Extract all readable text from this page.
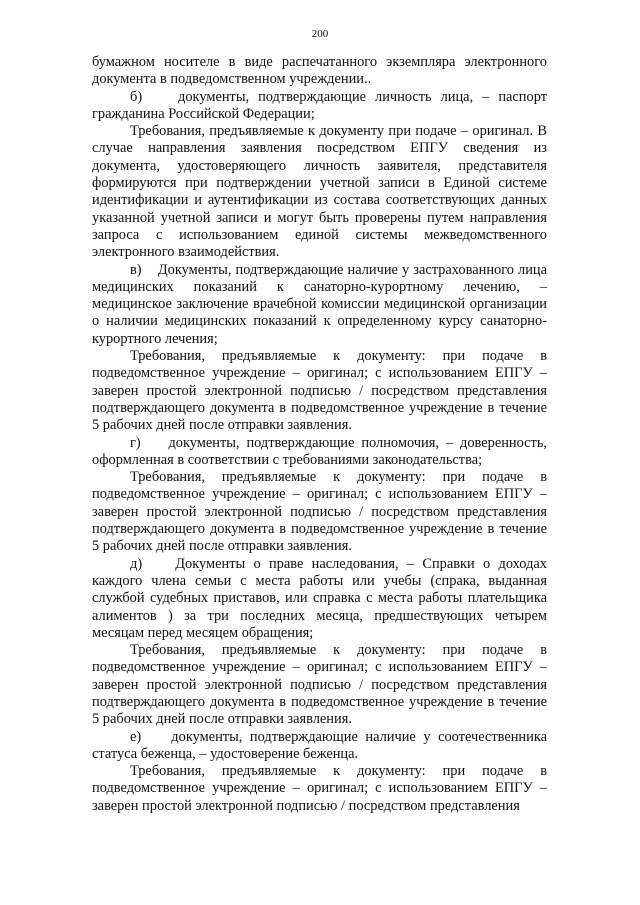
200

бумажном носителе в виде распечатанного экземпляра электронного документа в подведомственном учреждении..

б)    документы, подтверждающие личность лица, – паспорт гражданина Российской Федерации;

Требования, предъявляемые к документу при подаче – оригинал. В случае направления заявления посредством ЕПГУ сведения из документа, удостоверяющего личность заявителя, представителя формируются при подтверждении учетной записи в Единой системе идентификации и аутентификации из состава соответствующих данных указанной учетной записи и могут быть проверены путем направления запроса с использованием единой системы межведомственного электронного взаимодействия.

в)    Документы, подтверждающие наличие у застрахованного лица медицинских показаний к санаторно-курортному лечению, – медицинское заключение врачебной комиссии медицинской организации о наличии медицинских показаний к определенному курсу санаторно-курортного лечения;

Требования, предъявляемые к документу: при подаче в подведомственное учреждение – оригинал; с использованием ЕПГУ – заверен простой электронной подписью / посредством представления подтверждающего документа в подведомственное учреждение в течение 5 рабочих дней после отправки заявления.

г)    документы, подтверждающие полномочия, – доверенность, оформленная в соответствии с требованиями законодательства;

Требования, предъявляемые к документу: при подаче в подведомственное учреждение – оригинал; с использованием ЕПГУ – заверен простой электронной подписью / посредством представления подтверждающего документа в подведомственное учреждение в течение 5 рабочих дней после отправки заявления.

д)    Документы о праве наследования, – Справки о доходах каждого члена семьи с места работы или учебы (спрака, выданная службой судебных приставов, или справка с места работы плательщика алиментов ) за три последних месяца, предшествующих четырем месяцам перед месяцем обращения;

Требования, предъявляемые к документу: при подаче в подведомственное учреждение – оригинал; с использованием ЕПГУ – заверен простой электронной подписью / посредством представления подтверждающего документа в подведомственное учреждение в течение 5 рабочих дней после отправки заявления.

е)    документы, подтверждающие наличие у соотечественника статуса беженца, – удостоверение беженца.

Требования, предъявляемые к документу: при подаче в подведомственное учреждение – оригинал; с использованием ЕПГУ – заверен простой электронной подписью / посредством представления
